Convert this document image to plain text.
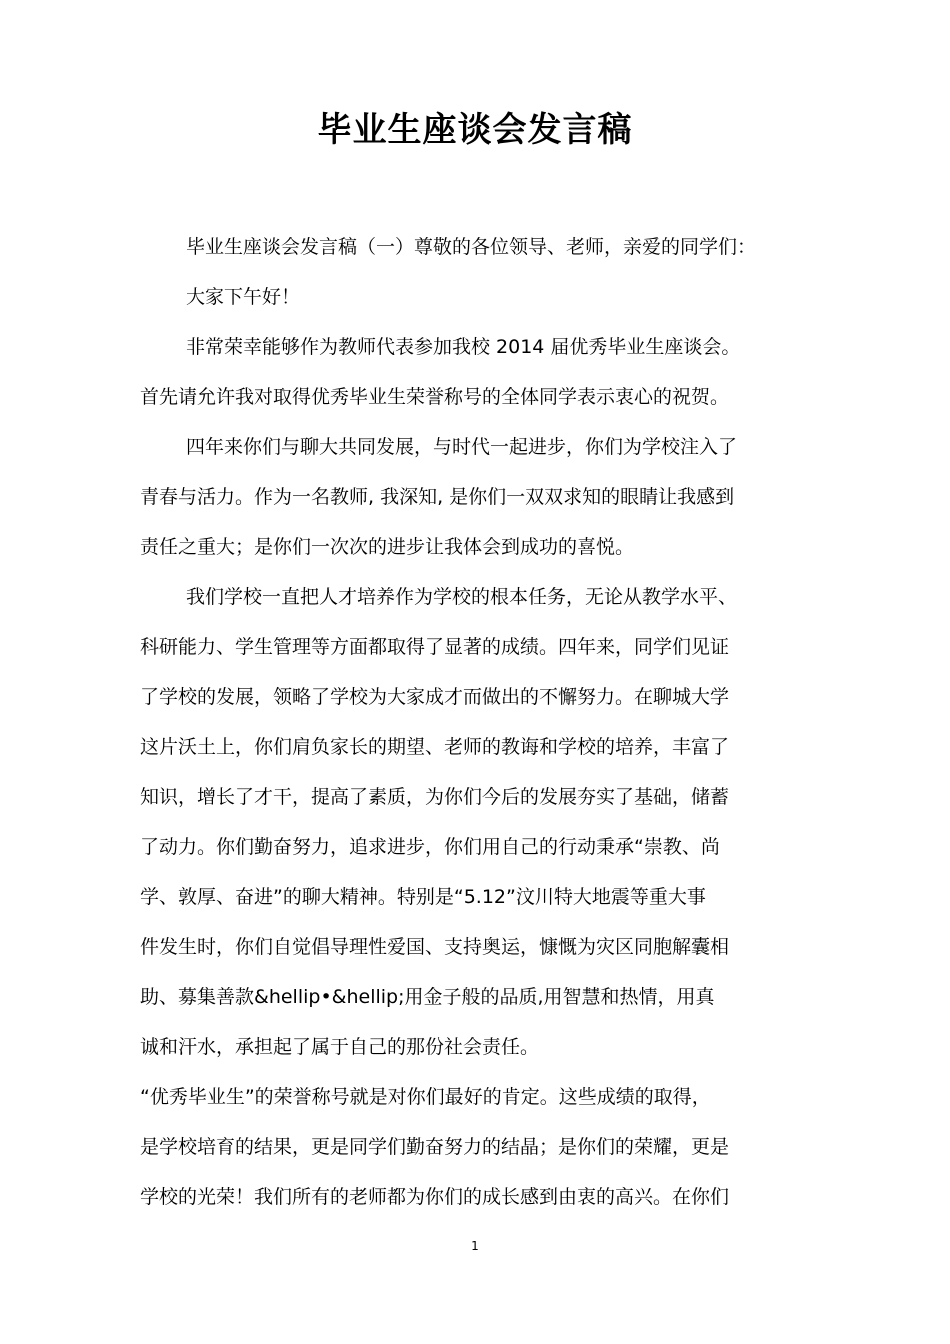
毕业生座谈会发言稿
毕业生座谈会发言稿（一）尊敬的各位领导、老师，亲爱的同学们：
大家下午好！
非常荣幸能够作为教师代表参加我校 2014 届优秀毕业生座谈会。
首先请允许我对取得优秀毕业生荣誉称号的全体同学表示衷心的祝贺。
四年来你们与聊大共同发展，与时代一起进步，你们为学校注入了
青春与活力。作为一名教师, 我深知, 是你们一双双求知的眼睛让我感到
责任之重大；是你们一次次的进步让我体会到成功的喜悦。
我们学校一直把人才培养作为学校的根本任务，无论从教学水平、
科研能力、学生管理等方面都取得了显著的成绩。四年来，同学们见证
了学校的发展，领略了学校为大家成才而做出的不懈努力。在聊城大学
这片沃土上，你们肩负家长的期望、老师的教诲和学校的培养，丰富了
知识，增长了才干，提高了素质，为你们今后的发展夯实了基础，储蓄
了动力。你们勤奋努力，追求进步，你们用自己的行动秉承“崇教、尚
学、敦厚、奋进”的聊大精神。特别是“5.12”汶川特大地震等重大事
件发生时，你们自觉倡导理性爱国、支持奥运，慷慨为灾区同胞解囊相
助、募集善款&hellip•&hellip;用金子般的品质,用智慧和热情，用真
诚和汗水，承担起了属于自己的那份社会责任。
“优秀毕业生”的荣誉称号就是对你们最好的肯定。这些成绩的取得，
是学校培育的结果，更是同学们勤奋努力的结晶；是你们的荣耀，更是
学校的光荣！我们所有的老师都为你们的成长感到由衷的高兴。在你们
1
